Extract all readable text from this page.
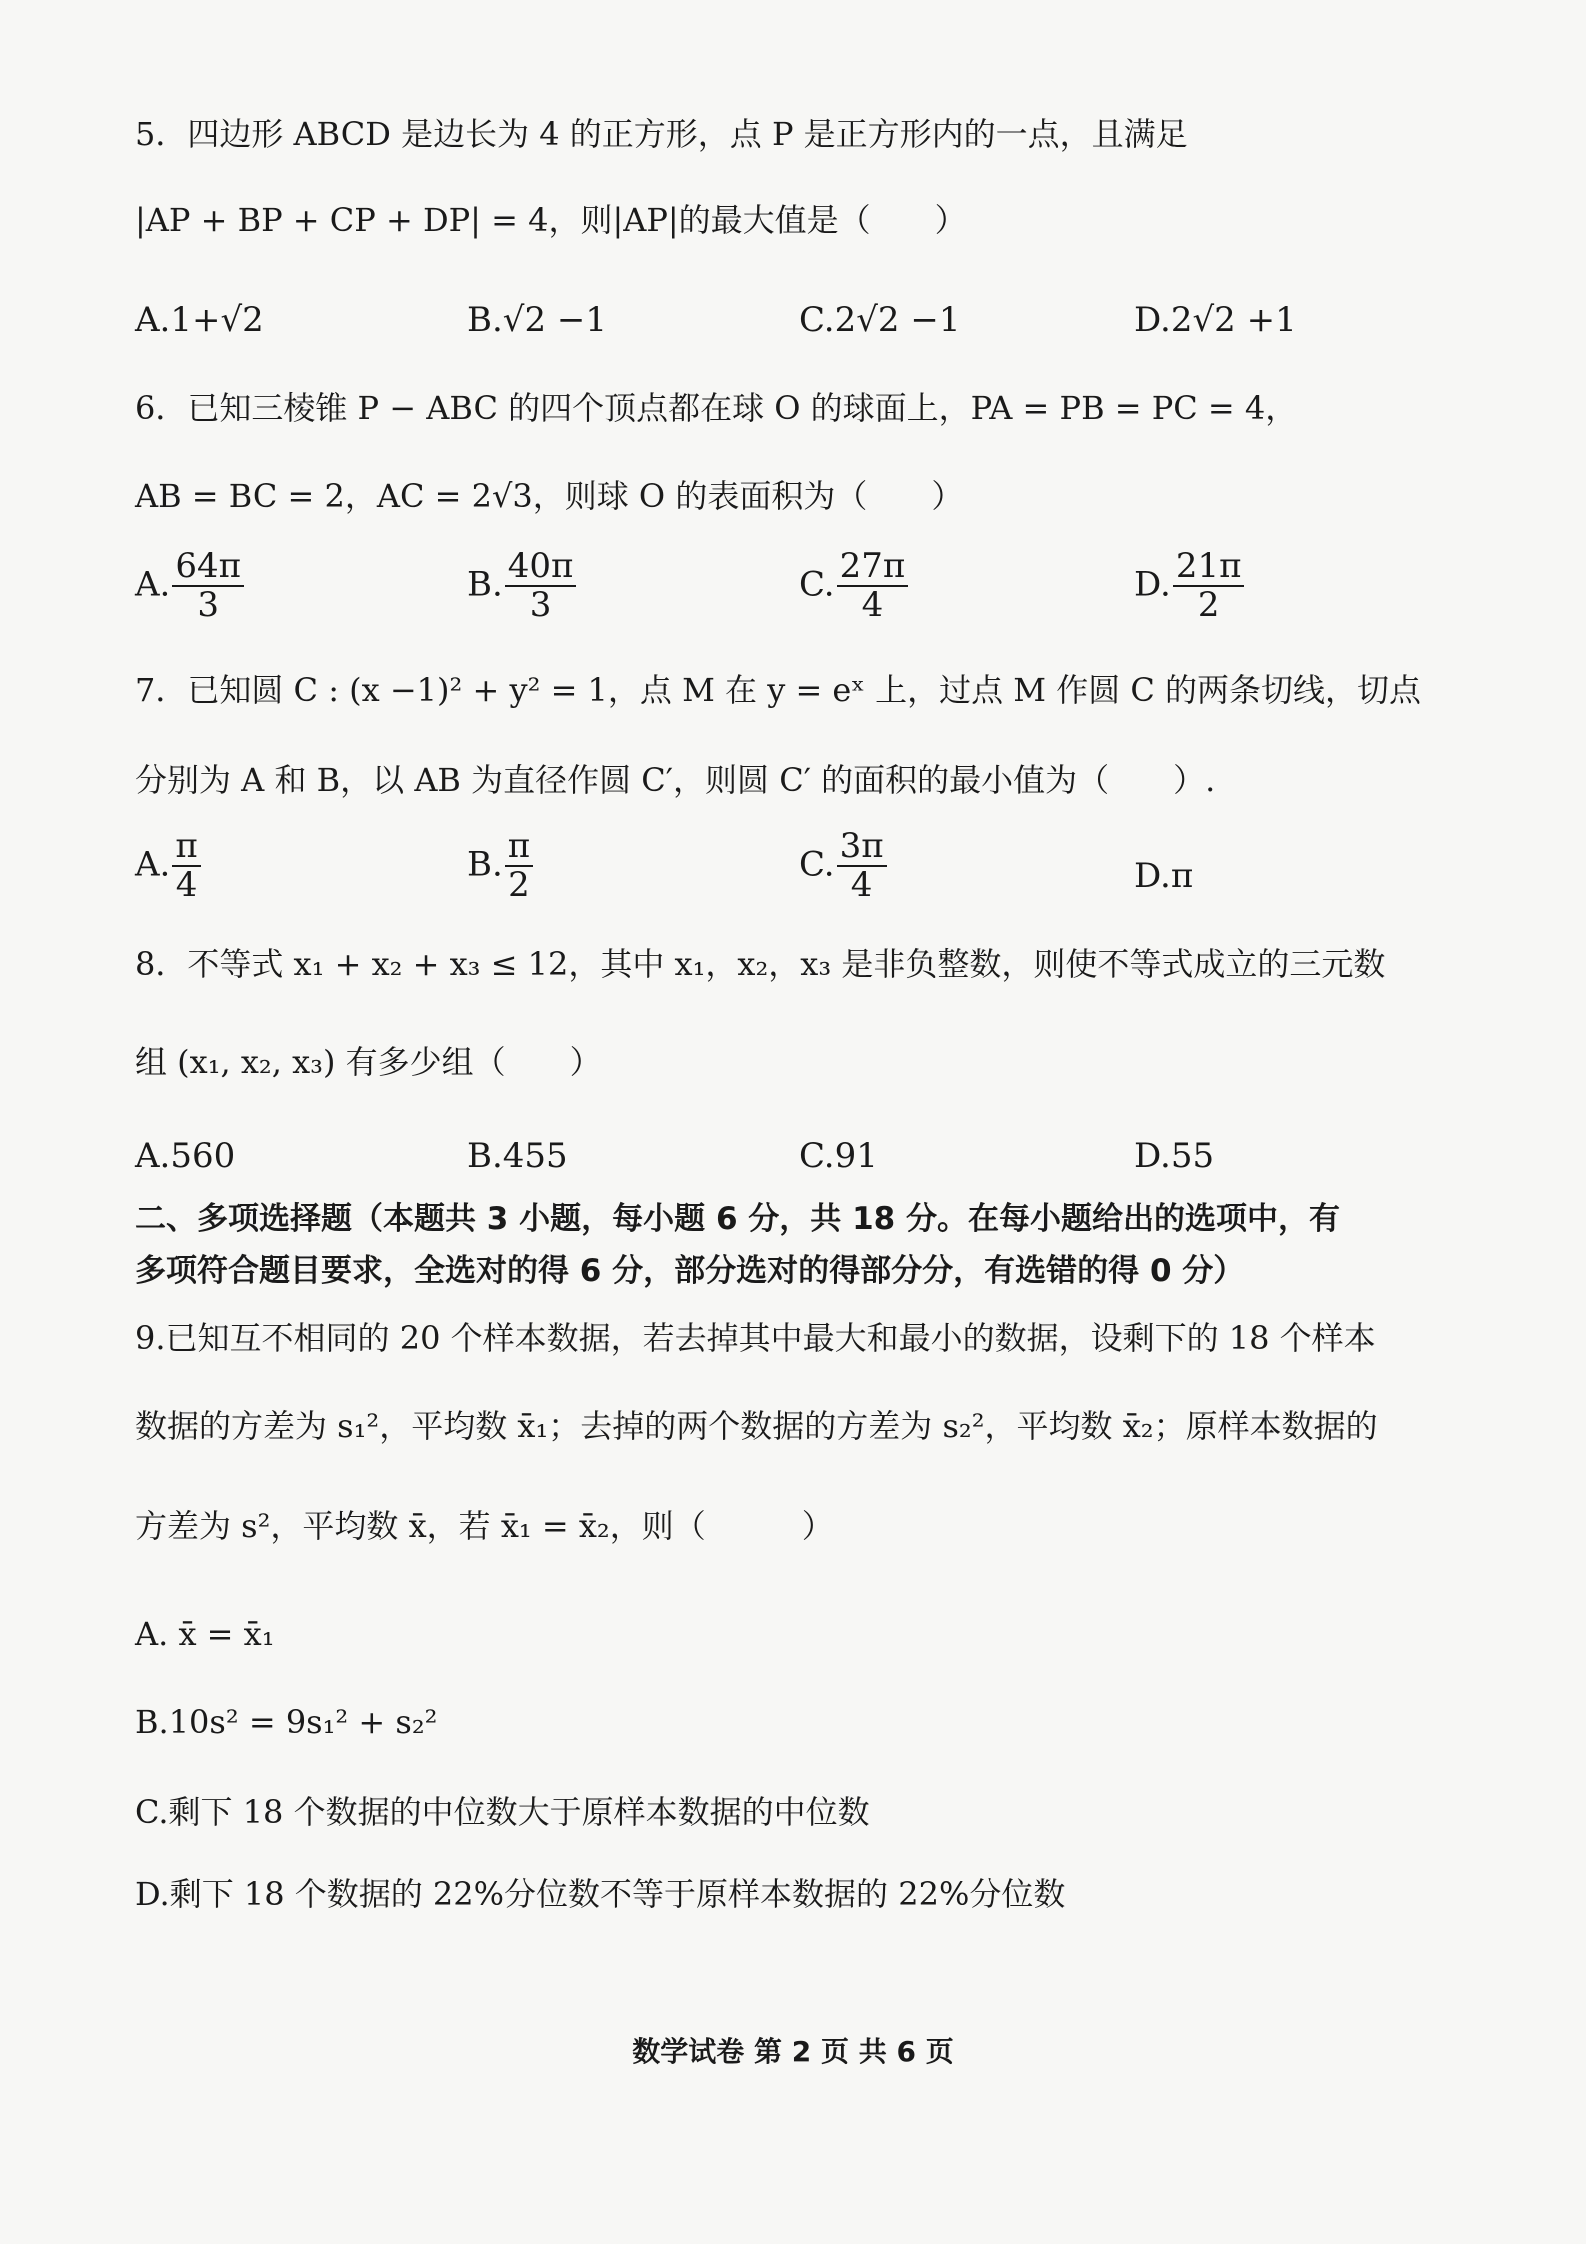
5．四边形 ABCD 是边长为 4 的正方形，点 P 是正方形内的一点，且满足
|AP + BP + CP + DP| = 4，则|AP|的最大值是（　　）
A.1+√2	B.√2 −1	C.2√2 −1	D.2√2 +1
6．已知三棱锥 P − ABC 的四个顶点都在球 O 的球面上，PA = PB = PC = 4，
AB = BC = 2，AC = 2√3，则球 O 的表面积为（　　）
A. $\frac{64\pi}{3}$	B. $\frac{40\pi}{3}$	C. $\frac{27\pi}{4}$	D. $\frac{21\pi}{2}$
7．已知圆 C : (x −1)² + y² = 1，点 M 在 y = eˣ 上，过点 M 作圆 C 的两条切线，切点
分别为 A 和 B，以 AB 为直径作圆 C′，则圆 C′ 的面积的最小值为（　　）.
A. $\frac{\pi}{4}$	B. $\frac{\pi}{2}$	C. $\frac{3\pi}{4}$	D.π
8．不等式 x₁ + x₂ + x₃ ≤ 12，其中 x₁，x₂，x₃ 是非负整数，则使不等式成立的三元数
组 (x₁, x₂, x₃) 有多少组（　　）
A.560	B.455	C.91	D.55
二、多项选择题（本题共 3 小题，每小题 6 分，共 18 分。在每小题给出的选项中，有
多项符合题目要求，全选对的得 6 分，部分选对的得部分分，有选错的得 0 分）
9.已知互不相同的 20 个样本数据，若去掉其中最大和最小的数据，设剩下的 18 个样本
数据的方差为 s₁²，平均数 x̄₁；去掉的两个数据的方差为 s₂²，平均数 x̄₂；原样本数据的
方差为 s²，平均数 x̄，若 x̄₁ = x̄₂，则（　　　）
A. x̄ = x̄₁
B.10s² = 9s₁² + s₂²
C.剩下 18 个数据的中位数大于原样本数据的中位数
D.剩下 18 个数据的 22%分位数不等于原样本数据的 22%分位数
数学试卷 第 2 页 共 6 页
